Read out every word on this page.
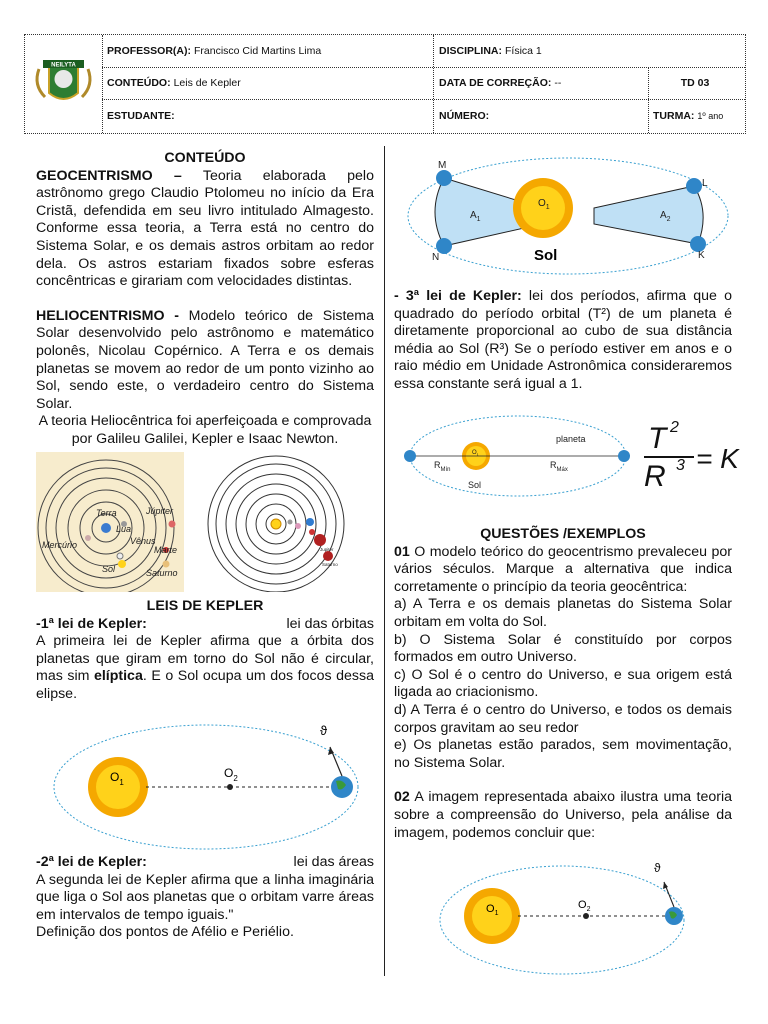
NEILYTA
PROFESSOR(A): Francisco Cid Martins Lima	DISCIPLINA: Física 1
CONTEÚDO: Leis de Kepler	DATA DE CORREÇÃO: --	TD 03
ESTUDANTE:	NÚMERO:	TURMA: 1º ano

CONTEÚDO

GEOCENTRISMO – Teoria elaborada pelo astrônomo grego Claudio Ptolomeu no início da Era Cristã, defendida em seu livro intitulado Almagesto. Conforme essa teoria, a Terra está no centro do Sistema Solar, e os demais astros orbitam ao redor dela. Os astros estariam fixados sobre esferas concêntricas e girariam com velocidades distintas.

HELIOCENTRISMO - Modelo teórico de Sistema Solar desenvolvido pelo astrônomo e matemático polonês, Nicolau Copérnico. A Terra e os demais planetas se movem ao redor de um ponto vizinho ao Sol, sendo este, o verdadeiro centro do Sistema Solar.

A teoria Heliocêntrica foi aperfeiçoada e comprovada por Galileu Galilei, Kepler e Isaac Newton.

Terra
Lua
Júpiter
Mercúrio	Vênus
Marte
Sol	Saturno
Jupiter
Saturno

LEIS DE KEPLER

-1ª lei de Kepler:	lei das órbitas

A primeira lei de Kepler afirma que a órbita dos planetas que giram em torno do Sol não é circular, mas sim elíptica. E o Sol ocupa um dos focos dessa elipse.

$O_1$
$O_2$
ϑ

-2ª lei de Kepler:	lei das áreas

A segunda lei de Kepler afirma que a linha imaginária que liga o Sol aos planetas que o orbitam varre áreas em intervalos de tempo iguais."

Definição dos pontos de Afélio e Periélio.

M
L
N	K
$A_1$	$A_2$
$O_1$
Sol

- 3ª lei de Kepler: lei dos períodos, afirma que o quadrado do período orbital (T²) de um planeta é diretamente proporcional ao cubo de sua distância média ao Sol (R³) Se o período estiver em anos e o raio médio em Unidade Astronômica consideraremos essa constante será igual a 1.

planeta
Sol
$R_{Mín}$	$R_{Máx}$
$O_1$	T 2
R 3 = K

QUESTÕES /EXEMPLOS

01 O modelo teórico do geocentrismo prevaleceu por vários séculos. Marque a alternativa que indica corretamente o princípio da teoria geocêntrica:

a) A Terra e os demais planetas do Sistema Solar orbitam em volta do Sol.

b) O Sistema Solar é constituído por corpos formados em outro Universo.

c) O Sol é o centro do Universo, e sua origem está ligada ao criacionismo.

d) A Terra é o centro do Universo, e todos os demais corpos gravitam ao seu redor

e) Os planetas estão parados, sem movimentação, no Sistema Solar.

02 A imagem representada abaixo ilustra uma teoria sobre a compreensão do Universo, pela análise da imagem, podemos concluir que:

$O_1$
$O_2$
ϑ
